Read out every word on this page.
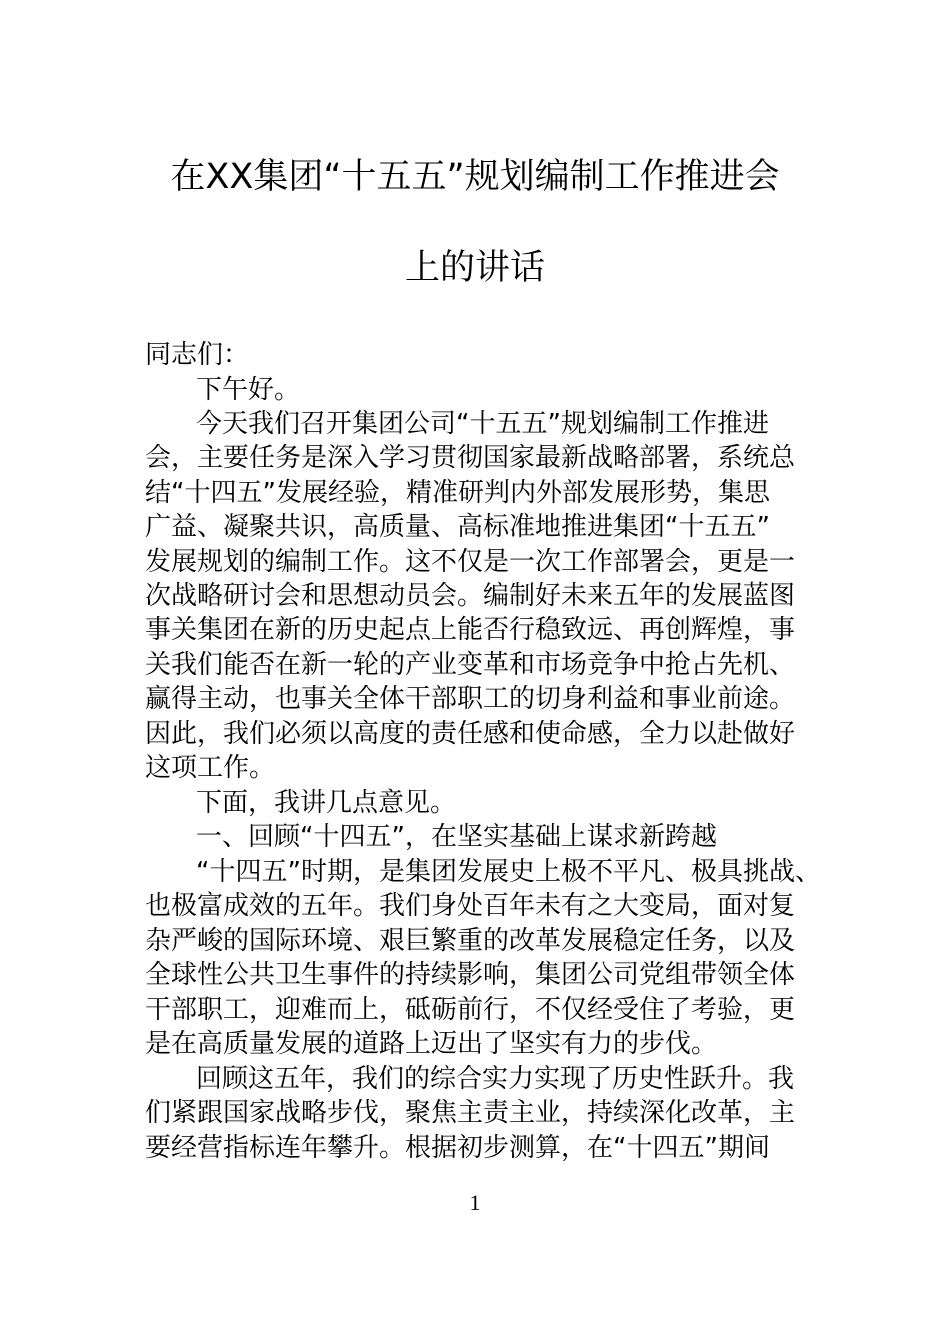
在XX集团“十五五”规划编制工作推进会
上的讲话
同志们：
下午好。
今天我们召开集团公司“十五五”规划编制工作推进
会，主要任务是深入学习贯彻国家最新战略部署，系统总
结“十四五”发展经验，精准研判内外部发展形势，集思
广益、凝聚共识，高质量、高标准地推进集团“十五五”
发展规划的编制工作。这不仅是一次工作部署会，更是一
次战略研讨会和思想动员会。编制好未来五年的发展蓝图
事关集团在新的历史起点上能否行稳致远、再创辉煌，事
关我们能否在新一轮的产业变革和市场竞争中抢占先机、
赢得主动，也事关全体干部职工的切身利益和事业前途。
因此，我们必须以高度的责任感和使命感，全力以赴做好
这项工作。
下面，我讲几点意见。
一、回顾“十四五”，在坚实基础上谋求新跨越
“十四五”时期，是集团发展史上极不平凡、极具挑战、
也极富成效的五年。我们身处百年未有之大变局，面对复
杂严峻的国际环境、艰巨繁重的改革发展稳定任务，以及
全球性公共卫生事件的持续影响，集团公司党组带领全体
干部职工，迎难而上，砥砺前行，不仅经受住了考验，更
是在高质量发展的道路上迈出了坚实有力的步伐。
回顾这五年，我们的综合实力实现了历史性跃升。我
们紧跟国家战略步伐，聚焦主责主业，持续深化改革，主
要经营指标连年攀升。根据初步测算，在“十四五”期间
1
